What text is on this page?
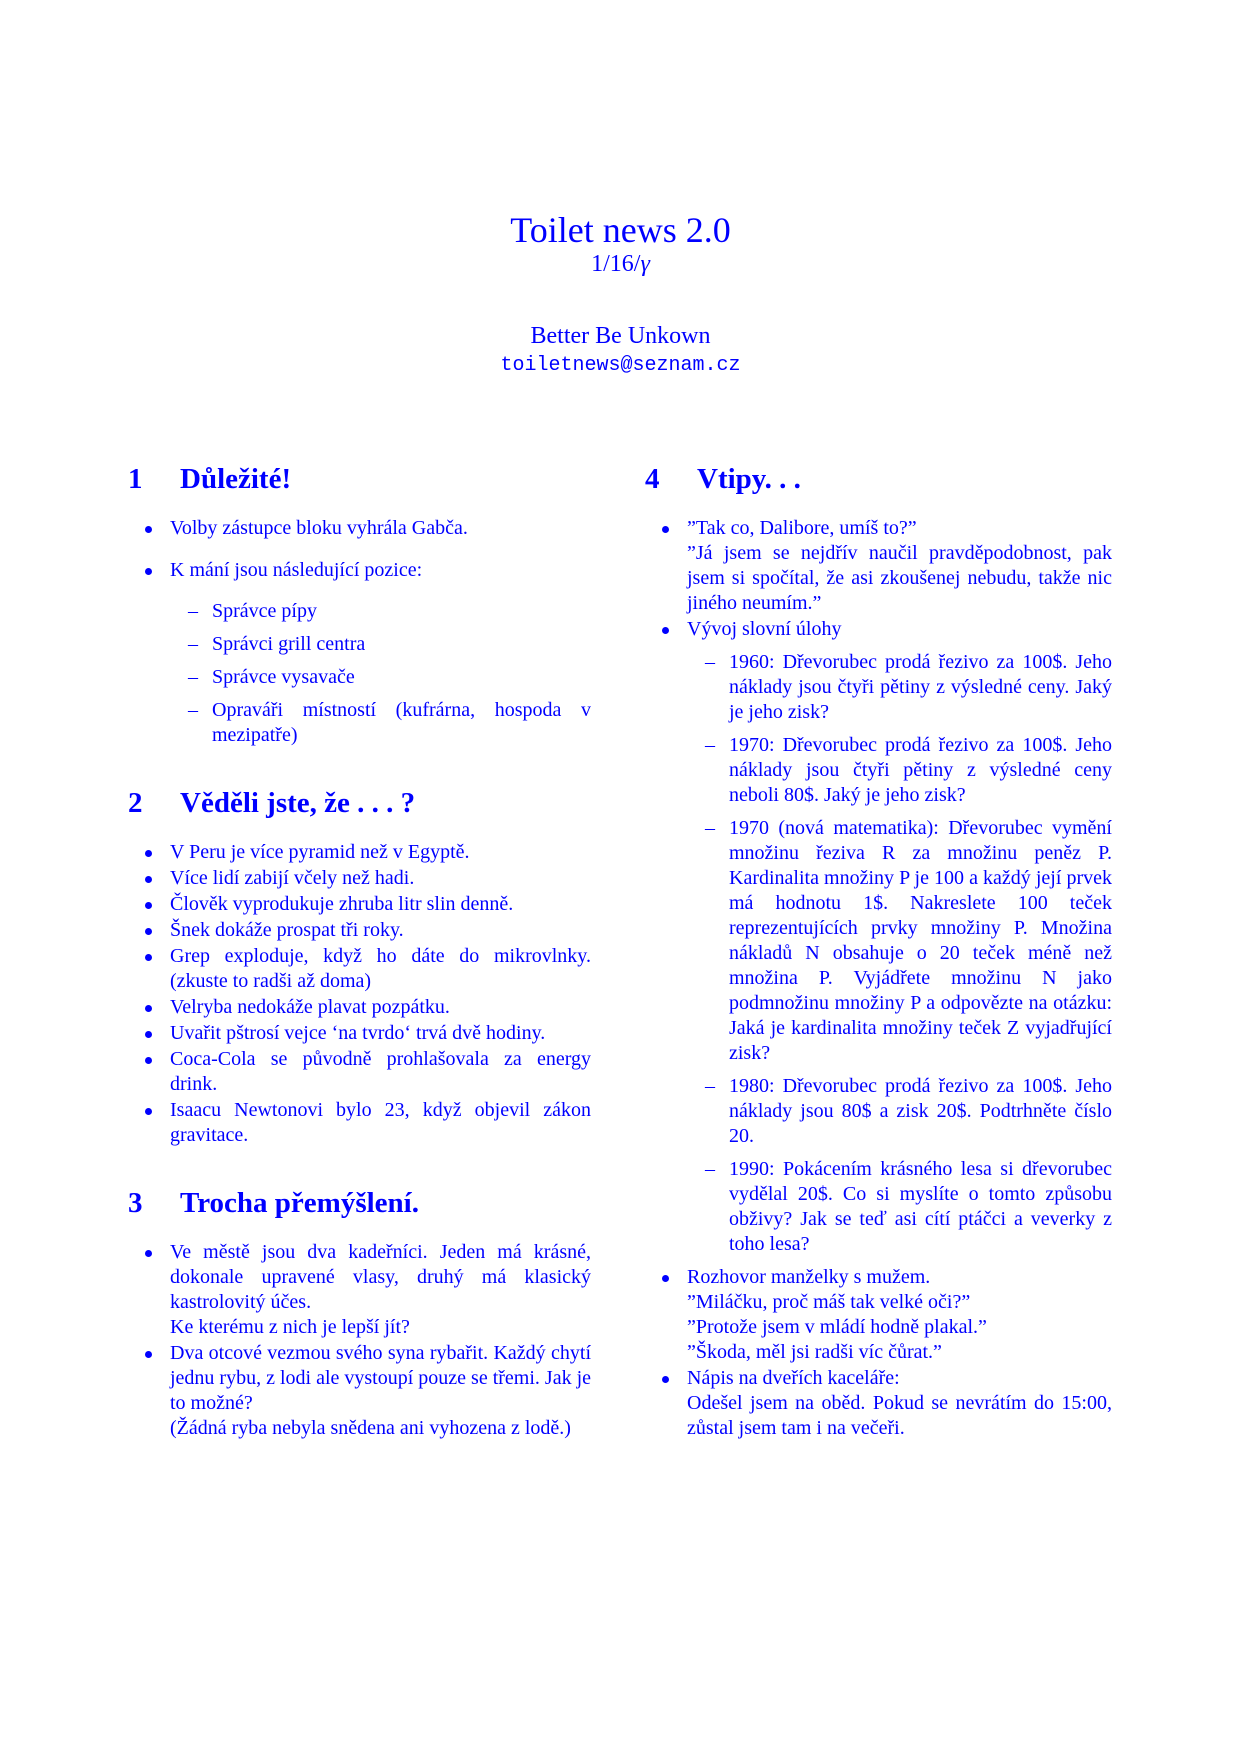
Toilet news 2.0
1/16/γ
Better Be Unkown
toiletnews@seznam.cz
1	Důležité!
Volby zástupce bloku vyhrála Gabča.
K mání jsou následující pozice:
– Správce pípy
– Správci grill centra
– Správce vysavače
– Opraváři místností (kufrárna, hospoda v mezipatře)
2	Věděli jste, že . . . ?
V Peru je více pyramid než v Egyptě.
Více lidí zabijí včely než hadi.
Člověk vyprodukuje zhruba litr slin denně.
Šnek dokáže prospat tři roky.
Grep exploduje, když ho dáte do mikrovlnky. (zkuste to radši až doma)
Velryba nedokáže plavat pozpátku.
Uvařit pštrosí vejce ‘na tvrdo‘ trvá dvě hodiny.
Coca-Cola se původně prohlašovala za energy drink.
Isaacu Newtonovi bylo 23, když objevil zákon gravitace.
3	Trocha přemýšlení.
Ve městě jsou dva kadeřníci. Jeden má krásné, dokonale upravené vlasy, druhý má klasický kastrolovitý účes.
Ke kterému z nich je lepší jít?
Dva otcové vezmou svého syna rybařit. Každý chytí jednu rybu, z lodi ale vystoupí pouze se třemi. Jak je to možné?
(Žádná ryba nebyla snědena ani vyhozena z lodě.)
4	Vtipy. . .
”Tak co, Dalibore, umíš to?”
”Já jsem se nejdřív naučil pravděpodobnost, pak jsem si spočítal, že asi zkoušenej nebudu, takže nic jiného neumím.”
Vývoj slovní úlohy
– 1960: Dřevorubec prodá řezivo za 100$. Jeho náklady jsou čtyři pětiny z výsledné ceny. Jaký je jeho zisk?
– 1970: Dřevorubec prodá řezivo za 100$. Jeho náklady jsou čtyři pětiny z výsledné ceny neboli 80$. Jaký je jeho zisk?
– 1970 (nová matematika): Dřevorubec vymění množinu řeziva R za množinu peněz P. Kardinalita množiny P je 100 a každý její prvek má hodnotu 1$. Nakreslete 100 teček reprezentujících prvky množiny P. Množina nákladů N obsahuje o 20 teček méně než množina P. Vyjádřete množinu N jako podmnožinu množiny P a odpovězte na otázku: Jaká je kardinalita množiny teček Z vyjadřující zisk?
– 1980: Dřevorubec prodá řezivo za 100$. Jeho náklady jsou 80$ a zisk 20$. Podtrhněte číslo 20.
– 1990: Pokácením krásného lesa si dřevorubec vydělal 20$. Co si myslíte o tomto způsobu obživy? Jak se teď asi cítí ptáčci a veverky z toho lesa?
Rozhovor manželky s mužem.
”Miláčku, proč máš tak velké oči?”
”Protože jsem v mládí hodně plakal.”
”Škoda, měl jsi radši víc čůrat.”
Nápis na dveřích kaceláře:
Odešel jsem na oběd. Pokud se nevrátím do 15:00, zůstal jsem tam i na večeři.
